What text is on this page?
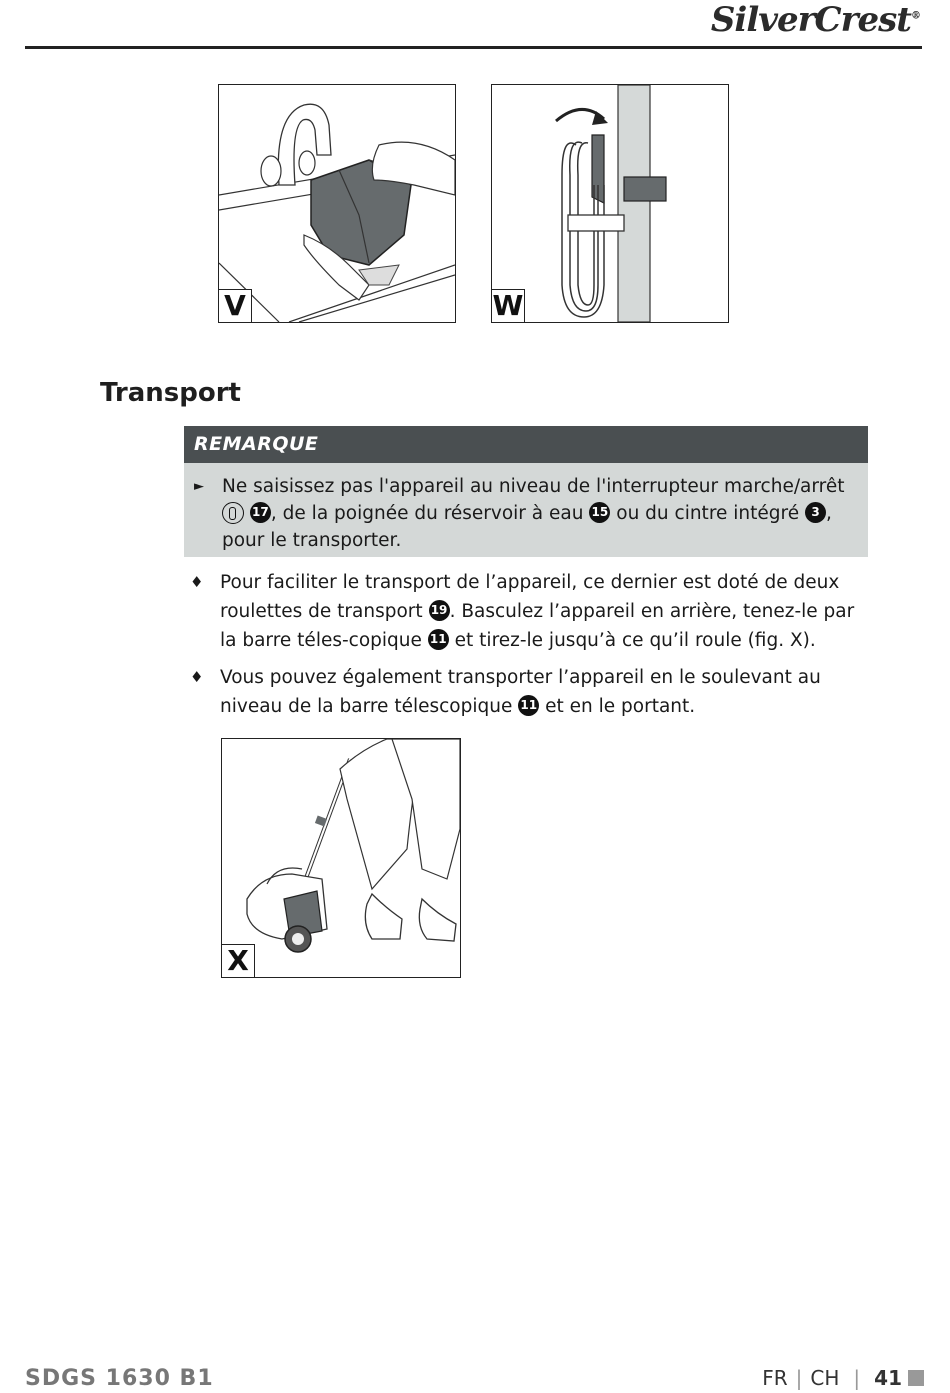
SilverCrest®
V	W
Transport
REMARQUE
► Ne saisissez pas l'appareil au niveau de l'interrupteur marche/arrêt  17 , de la poignée du réservoir à eau 15 ou du cintre intégré 3 , pour le transporter.
♦ Pour faciliter le transport de l’appareil, ce dernier est doté de deux roulettes de transport 19 . Basculez l’appareil en arrière, tenez-le par la barre téles-copique 11 et tirez-le jusqu’à ce qu’il roule (fig. X).
♦ Vous pouvez également transporter l’appareil en le soulevant au niveau de la barre télescopique 11 et en le portant.
X
SDGS 1630 B1	FR | CH | 41
